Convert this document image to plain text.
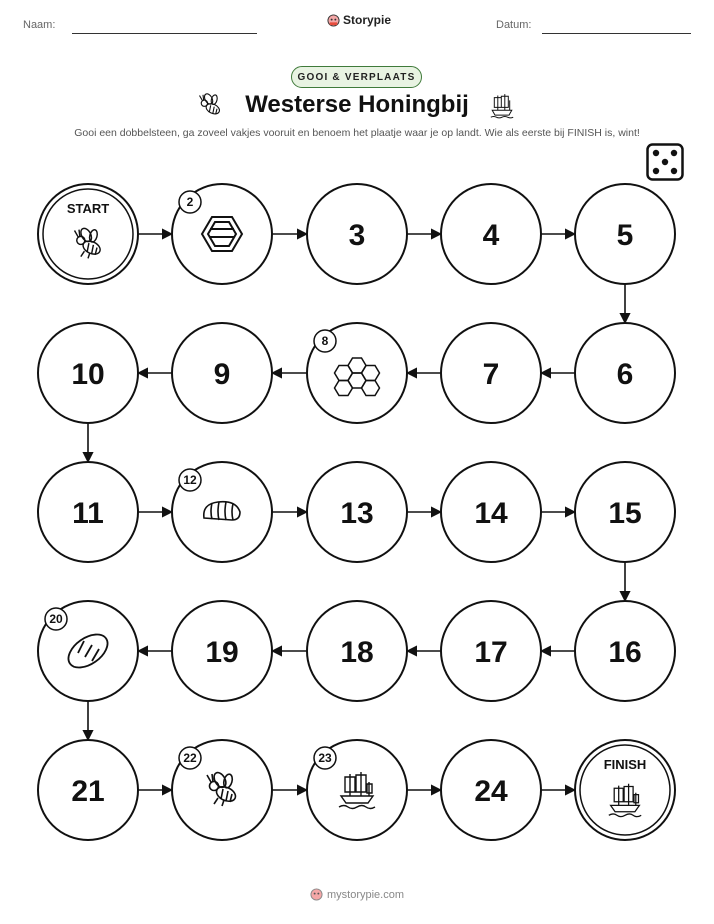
Naam:	Storypie	Datum:
GOOI & VERPLAATS
Westerse Honingbij
Gooi een dobbelsteen, ga zoveel vakjes vooruit en benoem het plaatje waar je op landt. Wie als eerste bij FINISH is, wint!
START	2
3	4	5
6
7
8
9
10
11
12
13	14	15
16
17
18
19
20
21
22	23
24
FINISH
mystorypie.com
